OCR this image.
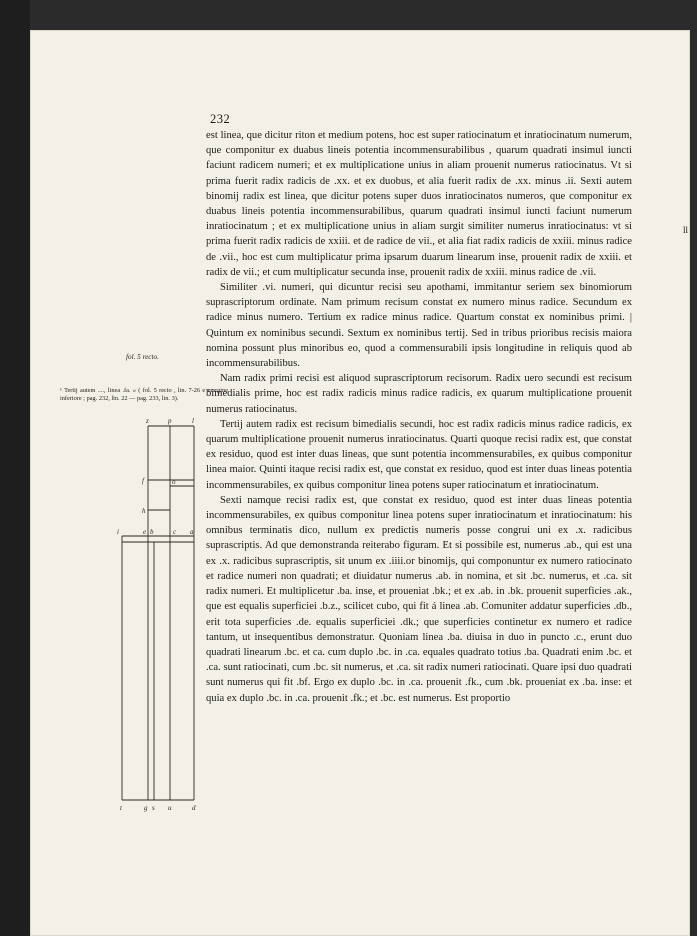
232
fol. 5 recto.
¹ Tertij autem ...., linea .fa. » ( fol. 5 recto , lin. 7-26 e margine inferiore ; pag. 232, lin. 22 — pag. 233, lin. 3).
z	p	l
f	o
h
i	e b	c a
t	g s u	d

est linea, que dicitur riton et medium potens, hoc est super ratiocinatum et inratiocinatum numerum, que componitur ex duabus lineis potentia incommensurabilibus , quarum quadrati insimul iuncti faciunt radicem numeri; et ex multiplicatione unius in aliam prouenit numerus ratiocinatus. Vt si prima fuerit radix radicis de .xx. et ex duobus, et alia fuerit radix de .xx. minus .ii. Sexti autem binomij radix est linea, que dicitur potens super duos inratiocinatos numeros, que componitur ex duabus lineis potentia incommensurabilibus, quarum quadrati insimul iuncti faciunt numerum inratiocinatum ; et ex multiplicatione unius in aliam surgit similiter numerus inratiocinatus: vt si prima fuerit radix radicis de xxiii. et de radice de vii., et alia fiat radix radicis de xxiii. minus radice de .vii., hoc est cum multiplicatur prima ipsarum duarum linearum inse, prouenit radix de xxiii. et radix de vii.; et cum multiplicatur secunda inse, prouenit radix de xxiii. minus radice de .vii.

Similiter .vi. numeri, qui dicuntur recisi seu apothami, immitantur seriem sex binomiorum suprascriptorum ordinate. Nam primum recisum constat ex numero minus radice. Secundum ex radice minus numero. Tertium ex radice minus radice. Quartum constat ex nominibus primi. | Quintum ex nominibus secundi. Sextum ex nominibus tertij. Sed in tribus prioribus recisis maiora nomina possunt plus minoribus eo, quod a commensurabili ipsis longitudine in reliquis quod ab incommensurabilibus.

Nam radix primi recisi est aliquod suprascriptorum recisorum. Radix uero secundi est recisum bimedialis prime, hoc est radix radicis minus radice radicis, ex quarum multiplicatione prouenit numerus ratiocinatus.

Tertij autem radix est recisum bimedialis secundi, hoc est radix radicis minus radice radicis, ex quarum multiplicatione prouenit numerus inratiocinatus. Quarti quoque recisi radix est, que constat ex residuo, quod est inter duas lineas, que sunt potentia incommensurabiles, ex quibus componitur linea maior. Quinti itaque recisi radix est, que constat ex residuo, quod est inter duas lineas potentia incommensurabiles, ex quibus componitur linea potens super ratiocinatum et inratiocinatum.

Sexti namque recisi radix est, que constat ex residuo, quod est inter duas lineas potentia incommensurabiles, ex quibus componitur linea potens super inratiocinatum et inratiocinatum: his omnibus terminatis dico, nullum ex predictis numeris posse congrui uni ex .x. radicibus suprascriptis. Ad que demonstranda reiterabo figuram. Et si possibile est, numerus .ab., qui est una ex .x. radicibus suprascriptis, sit unum ex .iiii.or binomijs, qui componuntur ex numero ratiocinato et radice numeri non quadrati; et diuidatur numerus .ab. in nomina, et sit .bc. numerus, et .ca. sit radix numeri. Et multiplicetur .ba. inse, et proueniat .bk.; et ex .ab. in .bk. prouenit superficies .ak., que est equalis superficiei .b.z., scilicet cubo, qui fit á linea .ab. Comuniter addatur superficies .db., erit tota superficies .de. equalis superficiei .dk.; que superficies continetur ex numero et radice tantum, ut insequentibus demonstratur. Quoniam linea .ba. diuisa in duo in puncto .c., erunt duo quadrati linearum .bc. et ca. cum duplo .bc. in .ca. equales quadrato totius .ba. Quadrati enim .bc. et .ca. sunt ratiocinati, cum .bc. sit numerus, et .ca. sit radix numeri ratiocinati. Quare ipsi duo quadrati sunt numerus qui fit .bf. Ergo ex duplo .bc. in .ca. prouenit .fk., cum .bk. proueniat ex .ba. inse: et quia ex duplo .bc. in .ca. prouenit .fk.; et .bc. est numerus. Est proportio

ll
